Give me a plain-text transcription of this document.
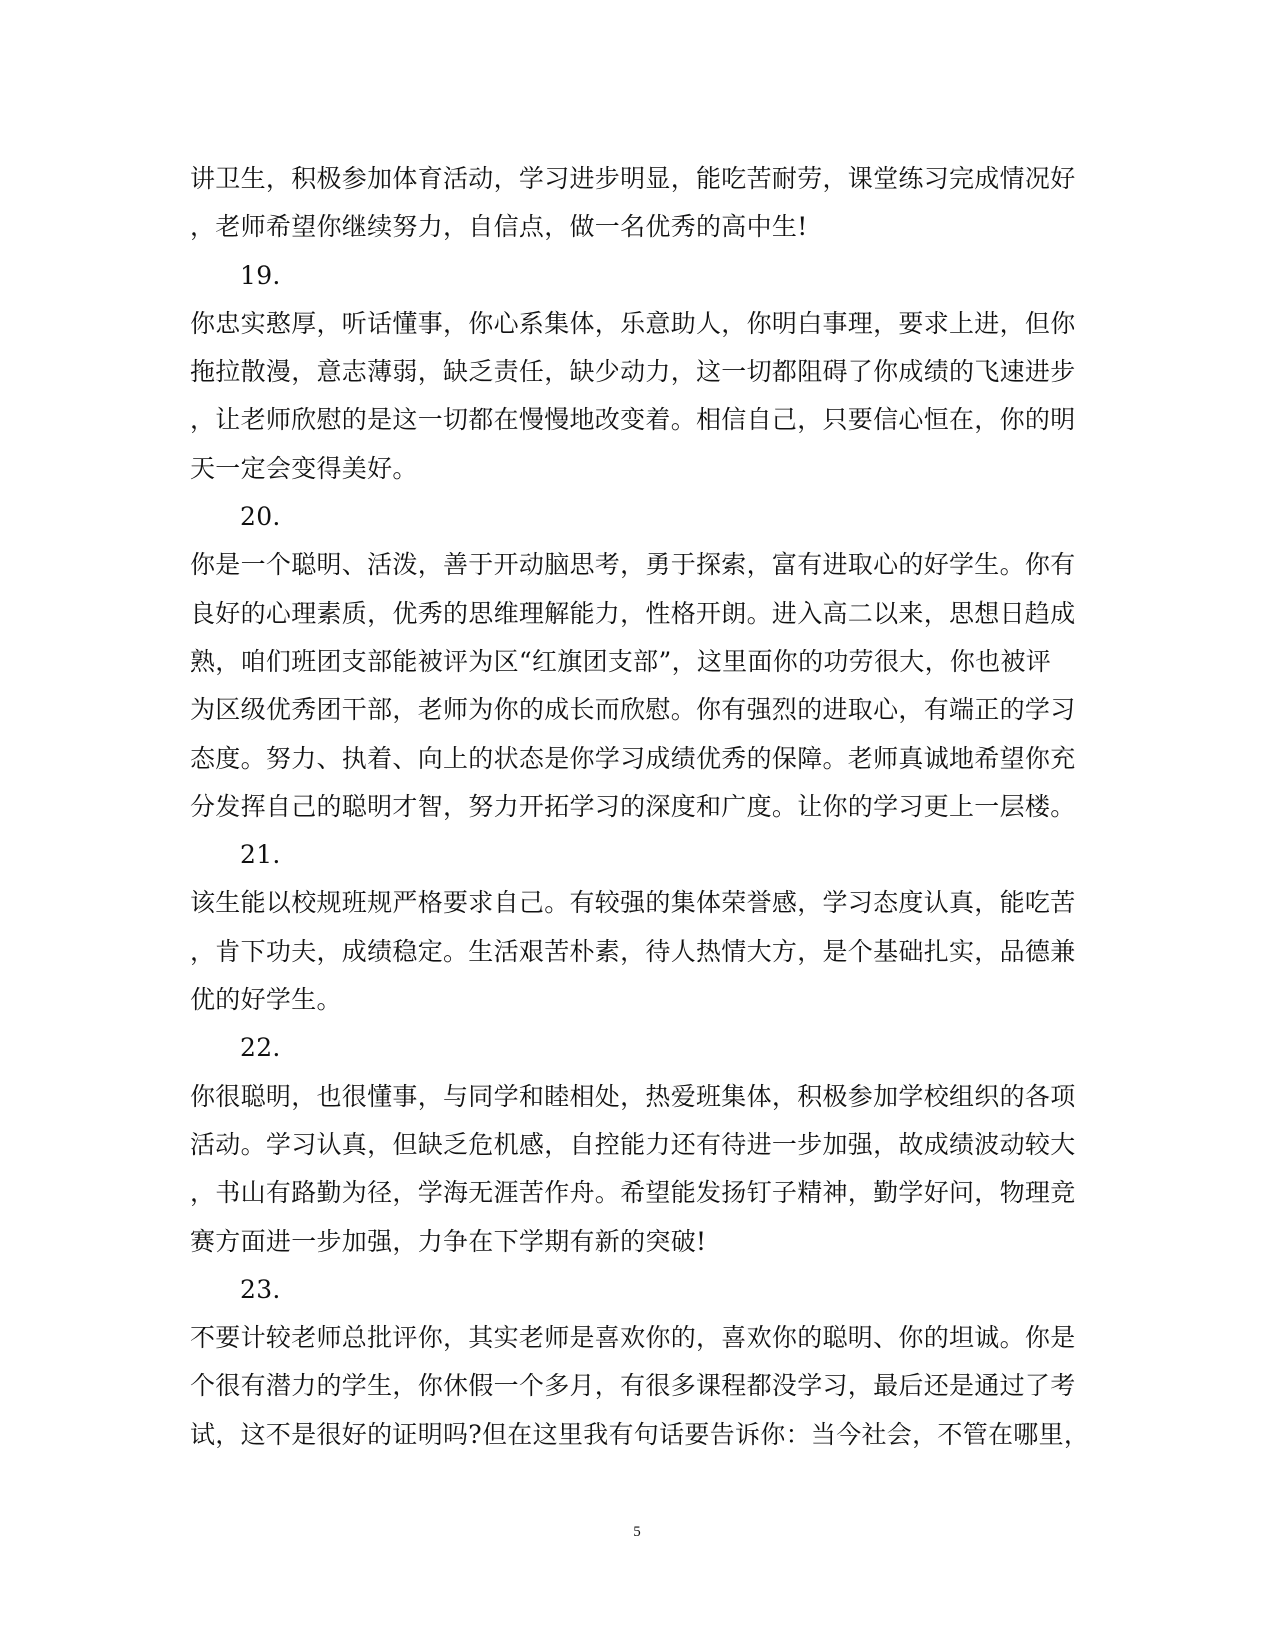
讲卫生，积极参加体育活动，学习进步明显，能吃苦耐劳，课堂练习完成情况好
，老师希望你继续努力，自信点，做一名优秀的高中生!
19.
你忠实憨厚，听话懂事，你心系集体，乐意助人，你明白事理，要求上进，但你
拖拉散漫，意志薄弱，缺乏责任，缺少动力，这一切都阻碍了你成绩的飞速进步
，让老师欣慰的是这一切都在慢慢地改变着。相信自己，只要信心恒在，你的明
天一定会变得美好。
20.
你是一个聪明、活泼，善于开动脑思考，勇于探索，富有进取心的好学生。你有
良好的心理素质，优秀的思维理解能力，性格开朗。进入高二以来，思想日趋成
熟，咱们班团支部能被评为区“红旗团支部”，这里面你的功劳很大，你也被评
为区级优秀团干部，老师为你的成长而欣慰。你有强烈的进取心，有端正的学习
态度。努力、执着、向上的状态是你学习成绩优秀的保障。老师真诚地希望你充
分发挥自己的聪明才智，努力开拓学习的深度和广度。让你的学习更上一层楼。
21.
该生能以校规班规严格要求自己。有较强的集体荣誉感，学习态度认真，能吃苦
，肯下功夫，成绩稳定。生活艰苦朴素，待人热情大方，是个基础扎实，品德兼
优的好学生。
22.
你很聪明，也很懂事，与同学和睦相处，热爱班集体，积极参加学校组织的各项
活动。学习认真，但缺乏危机感，自控能力还有待进一步加强，故成绩波动较大
，书山有路勤为径，学海无涯苦作舟。希望能发扬钉子精神，勤学好问，物理竞
赛方面进一步加强，力争在下学期有新的突破!
23.
不要计较老师总批评你，其实老师是喜欢你的，喜欢你的聪明、你的坦诚。你是
个很有潜力的学生，你休假一个多月，有很多课程都没学习，最后还是通过了考
试，这不是很好的证明吗?但在这里我有句话要告诉你：当今社会，不管在哪里，
5
